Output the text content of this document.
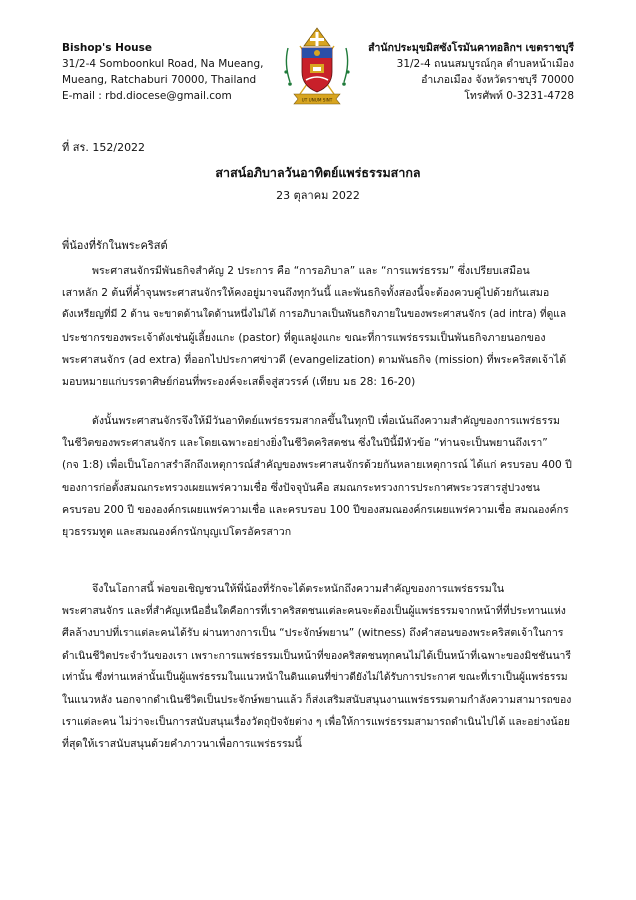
Bishop's House
31/2-4 Somboonkul Road, Na Mueang,
Mueang, Ratchaburi 70000, Thailand
E-mail : rbd.diocese@gmail.com	UT UNUM SINT
สำนักประมุขมิสซังโรมันคาทอลิกฯ เขตราชบุรี
31/2-4 ถนนสมบูรณ์กุล ตำบลหน้าเมือง
อำเภอเมือง จังหวัดราชบุรี 70000
โทรศัพท์ 0-3231-4728
ที่ สร. 152/2022
สาสน์อภิบาลวันอาทิตย์แพร่ธรรมสากล
23 ตุลาคม 2022
พี่น้องที่รักในพระคริสต์

พระศาสนจักรมีพันธกิจสำคัญ 2 ประการ คือ “การอภิบาล” และ “การแพร่ธรรม” ซึ่งเปรียบเสมือน

เสาหลัก 2 ต้นที่ค้ำจุนพระศาสนจักรให้คงอยู่มาจนถึงทุกวันนี้ และพันธกิจทั้งสองนี้จะต้องควบคู่ไปด้วยกันเสมอ

ดังเหรียญที่มี 2 ด้าน จะขาดด้านใดด้านหนึ่งไม่ได้ การอภิบาลเป็นพันธกิจภายในของพระศาสนจักร (ad intra) ที่ดูแล

ประชากรของพระเจ้าดังเช่นผู้เลี้ยงแกะ (pastor) ที่ดูแลฝูงแกะ ขณะที่การแพร่ธรรมเป็นพันธกิจภายนอกของ

พระศาสนจักร (ad extra) ที่ออกไปประกาศข่าวดี (evangelization) ตามพันธกิจ (mission) ที่พระคริสตเจ้าได้

มอบหมายแก่บรรดาศิษย์ก่อนที่พระองค์จะเสด็จสู่สวรรค์ (เทียบ มธ 28: 16-20)

ดังนั้นพระศาสนจักรจึงให้มีวันอาทิตย์แพร่ธรรมสากลขึ้นในทุกปี เพื่อเน้นถึงความสำคัญของการแพร่ธรรม

ในชีวิตของพระศาสนจักร และโดยเฉพาะอย่างยิ่งในชีวิตคริสตชน ซึ่งในปีนี้มีหัวข้อ “ท่านจะเป็นพยานถึงเรา”

(กจ 1:8) เพื่อเป็นโอกาสรำลึกถึงเหตุการณ์สำคัญของพระศาสนจักรด้วยกันหลายเหตุการณ์ ได้แก่ ครบรอบ 400 ปี

ของการก่อตั้งสมณกระทรวงเผยแพร่ความเชื่อ ซึ่งปัจจุบันคือ สมณกระทรวงการประกาศพระวรสารสู่ปวงชน

ครบรอบ 200 ปี ขององค์กรเผยแพร่ความเชื่อ และครบรอบ 100 ปีของสมณองค์กรเผยแพร่ความเชื่อ สมณองค์กร

ยุวธรรมทูต และสมณองค์กรนักบุญเปโตรอัครสาวก

จึงในโอกาสนี้ พ่อขอเชิญชวนให้พี่น้องที่รักจะได้ตระหนักถึงความสำคัญของการแพร่ธรรมใน

พระศาสนจักร และที่สำคัญเหนืออื่นใดคือการที่เราคริสตชนแต่ละคนจะต้องเป็นผู้แพร่ธรรมจากหน้าที่ที่ประทานแห่ง

ศีลล้างบาปที่เราแต่ละคนได้รับ ผ่านทางการเป็น “ประจักษ์พยาน” (witness) ถึงคำสอนของพระคริสตเจ้าในการ

ดำเนินชีวิตประจำวันของเรา เพราะการแพร่ธรรมเป็นหน้าที่ของคริสตชนทุกคนไม่ได้เป็นหน้าที่เฉพาะของมิชชันนารี

เท่านั้น ซึ่งท่านเหล่านั้นเป็นผู้แพร่ธรรมในแนวหน้าในดินแดนที่ข่าวดียังไม่ได้รับการประกาศ ขณะที่เราเป็นผู้แพร่ธรรม

ในแนวหลัง นอกจากดำเนินชีวิตเป็นประจักษ์พยานแล้ว ก็ส่งเสริมสนับสนุนงานแพร่ธรรมตามกำลังความสามารถของ

เราแต่ละคน ไม่ว่าจะเป็นการสนับสนุนเรื่องวัตถุปัจจัยต่าง ๆ เพื่อให้การแพร่ธรรมสามารถดำเนินไปได้ และอย่างน้อย

ที่สุดให้เราสนับสนุนด้วยคำภาวนาเพื่อการแพร่ธรรมนี้
